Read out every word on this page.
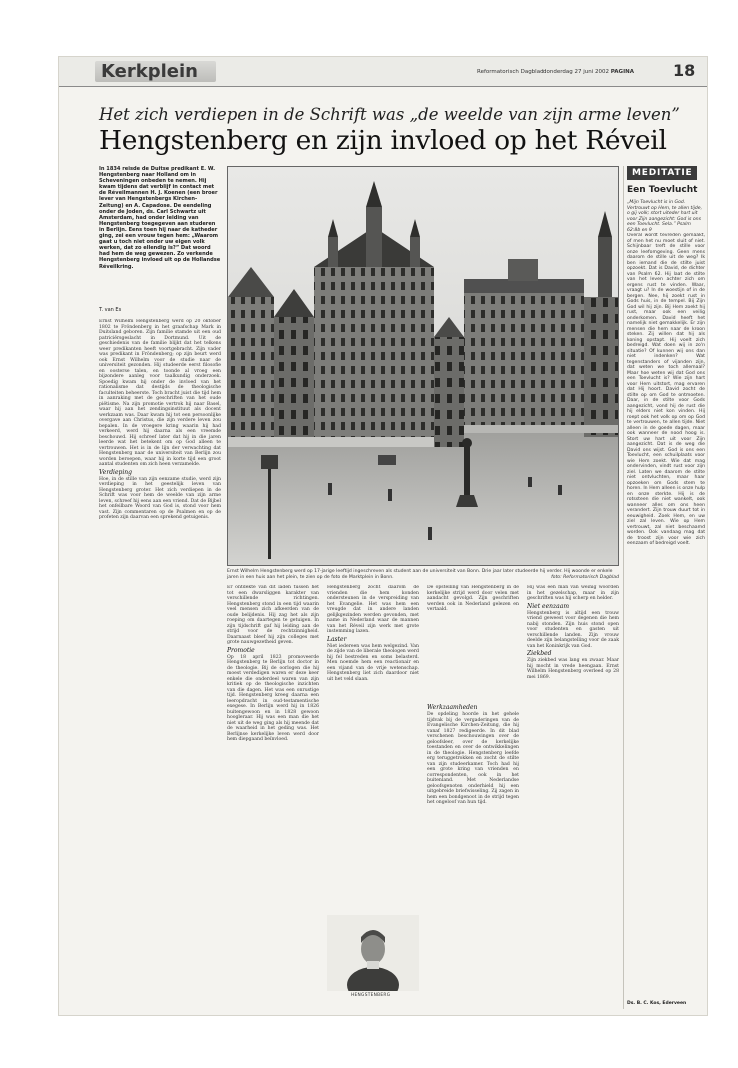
Kerkplein	Reformatorisch Dagblad donderdag 27 juni 2002 PAGINA 18
Het zich verdiepen in de Schrift was „de weelde van zijn arme leven”
Hengstenberg en zijn invloed op het Réveil
In 1834 reisde de Duitse predikant E. W. Hengstenberg naar Holland om in Scheveningen onbeden te nemen. Hij kwam tijdens dat verblijf in contact met de Réveilmannen H. J. Koenen (een broer lever van Hengstenbergs Kirchen-Zeitung) en A. Capadose. De eendeling onder de Joden, ds. Carl Schwartz uit Amsterdam, had onder leiding van Hengstenberg toegegeven aan studeren in Berlijn. Eens toen hij naar de katheder ging, zei een vrouw tegen hem: „Waarom gaat u toch niet onder uw eigen volk werken, dat zo ellendig is?” Dat woord had hem de weg gewezen. Zo verkende Hengstenberg invloed uit op de Hollandse Réveilkring.
T. van Es

Ernst Wilhelm Hengstenberg werd op 20 oktober 1802 te Fröndenberg in het graafschap Mark in Duitsland geboren. Zijn familie stamde uit een oud patriciërsgeslacht in Dortmund. Uit de geschiedenis van de familie blijkt dat het telkens weer predikanten heeft voortgebracht. Zijn vader was predikant in Fröndenberg; op zijn beurt werd ook Ernst Wilhelm voor de studie naar de universiteit gezonden. Hij studeerde eerst filosofie en oosterse talen, en toonde al vroeg een bijzondere aanleg voor taalkundig onderzoek. Spoedig kwam hij onder de invloed van het rationalisme dat destijds de theologische faculteiten beheerste. Toch bracht juist die tijd hem in aanraking met de geschriften van het oude piëtisme. Na zijn promotie vertrok hij naar Basel, waar hij aan het zendingsinstituut als docent werkzaam was. Daar kwam hij tot een persoonlijke overgave aan Christus, die zijn verdere leven zou bepalen. In de vroegere kring waarin hij had verkeerd, werd hij daarna als een vreemde beschouwd. Hij schreef later dat hij in die jaren leerde wat het betekent om op God alleen te vertrouwen. Het is in de lijn der verwachting dat Hengstenberg naar de universiteit van Berlijn zou worden beroepen, waar hij in korte tijd een groot aantal studenten om zich heen verzamelde.

Verdieping

Hoe, in de stille van zijn eenzame studie, werd zijn verdieping in het geestelijk leven van Hengstenberg groter. Het zich verdiepen in de Schrift was voor hem de weelde van zijn arme leven, schreef hij eens aan een vriend. Dat de Bijbel het onfeilbare Woord van God is, stond voor hem vast. Zijn commentaren op de Psalmen en op de profeten zijn daarvan een sprekend getuigenis.

Ernst Wilhelm Hengstenberg werd op 17-jarige leeftijd ingeschreven als student aan de universiteit van Bonn. Drie jaar later studeerde hij verder. Hij woonde er enkele jaren in een huis aan het plein, te zien op de foto de Marktplein in Bonn.	foto: Reformatorisch Dagblad

Er ontdekte van dit laden tussen het tot een dwarsliggen karakter van verschillende richtingen. Hengstenberg stond in een tijd waarin veel mensen zich afkeerden van de oude belijdenis. Hij zag het als zijn roeping om daartegen te getuigen. In zijn tijdschrift gaf hij leiding aan de strijd voor de rechtzinnigheid. Daarnaast bleef hij zijn colleges met grote nauwgezetheid geven.

Promotie

Op 18 april 1823 promoveerde Hengstenberg te Berlijn tot doctor in de theologie. Bij de oorlogen die hij moest verdedigen waren er deze keer enkele die onderdeel waren van zijn kritiek op de theologische inzichten van die dagen. Het was een onrustige tijd. Hengstenberg kreeg daarna een leeropdracht in oud-testamentische exegese. In Berlijn werd hij in 1826 buitengewoon en in 1828 gewoon hoogleraar. Hij was een man die het niet uit de weg ging als hij meende dat de waarheid in het geding was. Het Berlijnse kerkelijke leven werd door hem diepgaand beïnvloed.

Hengstenberg zocht daarom de vrienden die hem konden ondersteunen in de verspreiding van het Evangelie. Het was hem een vreugde dat in andere landen gelijkgezinden werden gevonden, met name in Nederland waar de mannen van het Réveil zijn werk met grote instemming lazen.

Laster

Niet iedereen was hem welgezind. Van de zijde van de liberale theologen werd hij fel bestreden en soms belasterd. Men noemde hem een reactionair en een vijand van de vrije wetenschap. Hengstenberg liet zich daardoor niet uit het veld slaan.

HENGSTENBERG

De opstelling van Hengstenberg in de kerkelijke strijd werd door velen met aandacht gevolgd. Zijn geschriften werden ook in Nederland gelezen en vertaald.

Werkzaamheden

De opdeling hoorde in het gehele tijdvak bij de vergaderingen van de Evangelische Kirchen-Zeitung, die hij vanaf 1827 redigeerde. In dit blad verschenen beschouwingen over de geloofsleer, over de kerkelijke toestanden en over de ontwikkelingen in de theologie. Hengstenberg leefde erg teruggetrokken en zocht de stilte van zijn studeerkamer. Toch had hij een grote kring van vrienden en correspondenten, ook in het buitenland. Met Nederlandse geloofsgenoten onderhield hij een uitgebreide briefwisseling. Zij zagen in hem een bondgenoot in de strijd tegen het ongeloof van hun tijd.

Hij was een man van weinig woorden in het gezelschap, maar in zijn geschriften was hij scherp en helder.

Niet eenzaam

Hengstenberg is altijd een trouw vriend geweest voor degenen die hem nabij stonden. Zijn huis stond open voor studenten en gasten uit verschillende landen. Zijn vrouw deelde zijn belangstelling voor de zaak van het Koninkrijk van God.

Ziekbed

Zijn ziekbed was lang en zwaar. Maar hij mocht in vrede heengaan. Ernst Wilhelm Hengstenberg overleed op 28 mei 1869.

MEDITATIE
Een Toevlucht
„Mijn Toevlucht is in God. Vertrouwt op Hem, te allen tijde, o gij volk; stort uiteder hart uit voor Zijn aangezicht: God is ons een Toevlucht. Sela.” Psalm 62:8b en 9

Overal wordt tevreden gemaakt, of men het nu moet sluit of niet. Schijnbaar treft de stille voor onze leefomgeving. Geen mens daarom de stille uit de weg? Ik ben iemand die de stilte juist opzoekt. Dat is David, de dichter van Psalm 62. Hij laat de stilte van het leven achter zich om ergens rust te vinden. Waar, vraagt u? In de woestijn of in de bergen. Nee, hij zoekt rust in Gods huis, in de tempel. Bij Zijn God wil hij zijn. Bij Hem zoekt hij rust, maar ook een veilig onderkomen. David heeft het namelijk niet gemakkelijk. Er zijn mensen die hem naar de kroon steken. Zij willen dat hij als koning opstapt. Hij voelt zich bedreigd. Wat doen wij in zo'n situatie? Of kunnen wij ons dan niet indenken? Wat tegenstanders of vijanden zijn, dat weten we toch allemaal? Maar hoe weten wij dat God ons een Toevlucht is? Wie zijn hart voor Hem uitstort, mag ervaren dat Hij hoort. David zocht de stilte op om God te ontmoeten. Daar, in de stilte voor Gods aangezicht, vond hij de rust die hij elders niet kon vinden. Hij roept ook het volk op om op God te vertrouwen, te allen tijde. Niet alleen in de goede dagen, maar ook wanneer de nood hoog is. Stort uw hart uit voor Zijn aangezicht. Dat is de weg die David ons wijst. God is ons een Toevlucht, een schuilplaats voor wie Hem zoekt. Wie dat mag ondervinden, vindt rust voor zijn ziel. Laten we daarom de stilte niet ontvluchten, maar haar opzoeken om Gods stem te horen. In Hem alleen is onze hulp en onze sterkte. Hij is de rotssteen die niet wankelt, ook wanneer alles om ons heen verandert. Zijn trouw duurt tot in eeuwigheid. Zoek Hem, en uw ziel zal leven. Wie op Hem vertrouwt, zal niet beschaamd worden. Ook vandaag mag dat de troost zijn voor wie zich eenzaam of bedreigd voelt.

Ds. B. C. Kos, Ederveen
